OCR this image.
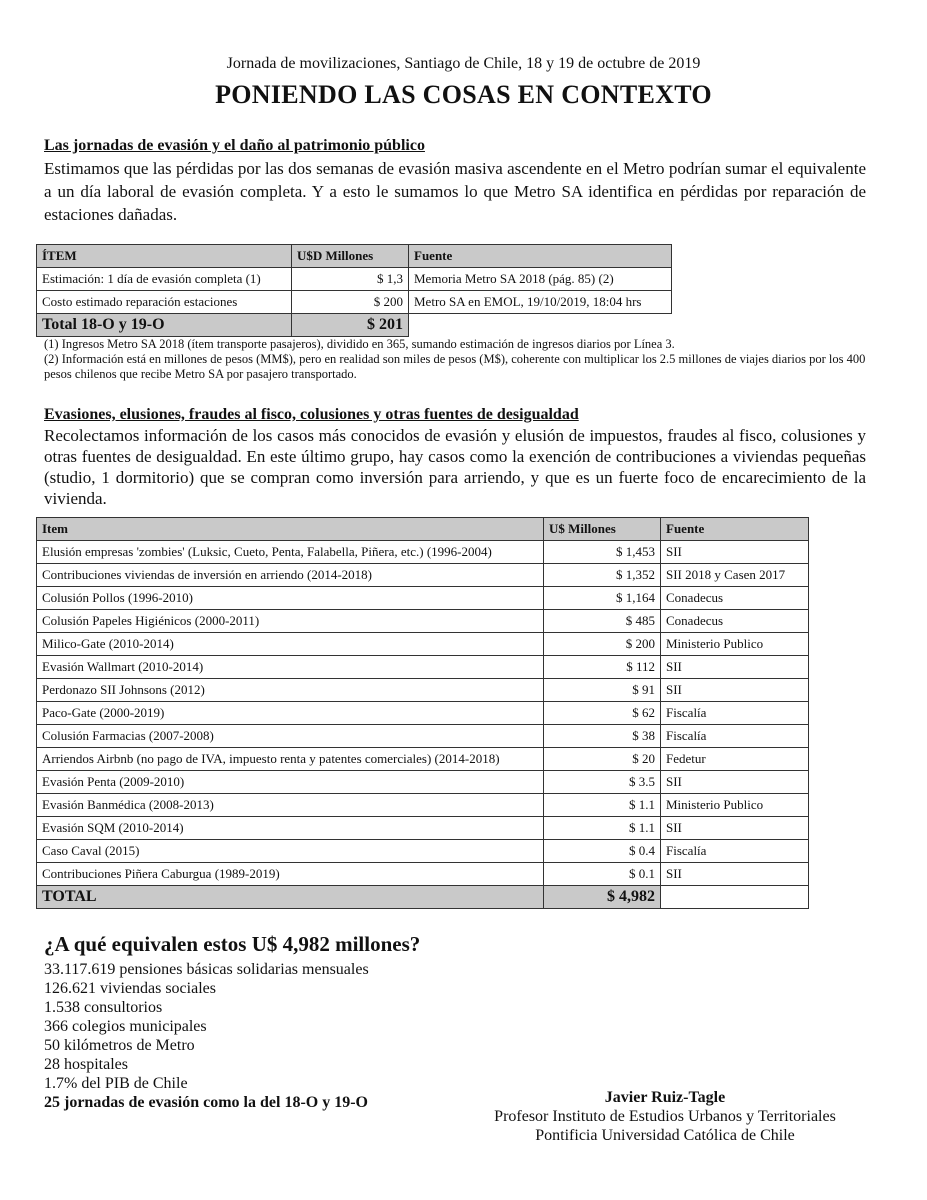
Jornada de movilizaciones, Santiago de Chile, 18 y 19 de octubre de 2019
PONIENDO LAS COSAS EN CONTEXTO
Las jornadas de evasión y el daño al patrimonio público
Estimamos que las pérdidas por las dos semanas de evasión masiva ascendente en el Metro podrían sumar el equivalente a un día laboral de evasión completa. Y a esto le sumamos lo que Metro SA identifica en pérdidas por reparación de estaciones dañadas.
ÍTEM	U$D Millones	Fuente
Estimación: 1 día de evasión completa (1)	$ 1,3	Memoria Metro SA 2018 (pág. 85) (2)
Costo estimado reparación estaciones	$ 200	Metro SA en EMOL, 19/10/2019, 18:04 hrs
Total 18-O y 19-O	$ 201	
(1) Ingresos Metro SA 2018 (ítem transporte pasajeros), dividido en 365, sumando estimación de ingresos diarios por Línea 3.
(2) Información está en millones de pesos (MM$), pero en realidad son miles de pesos (M$), coherente con multiplicar los 2.5 millones de viajes diarios por los 400 pesos chilenos que recibe Metro SA por pasajero transportado.
Evasiones, elusiones, fraudes al fisco, colusiones y otras fuentes de desigualdad
Recolectamos información de los casos más conocidos de evasión y elusión de impuestos, fraudes al fisco, colusiones y otras fuentes de desigualdad. En este último grupo, hay casos como la exención de contribuciones a viviendas pequeñas (studio, 1 dormitorio) que se compran como inversión para arriendo, y que es un fuerte foco de encarecimiento de la vivienda.
Item	U$ Millones	Fuente
Elusión empresas 'zombies' (Luksic, Cueto, Penta, Falabella, Piñera, etc.) (1996-2004)	$ 1,453	SII
Contribuciones viviendas de inversión en arriendo (2014-2018)	$ 1,352	SII 2018 y Casen 2017
Colusión Pollos (1996-2010)	$ 1,164	Conadecus
Colusión Papeles Higiénicos (2000-2011)	$ 485	Conadecus
Milico-Gate (2010-2014)	$ 200	Ministerio Publico
Evasión Wallmart (2010-2014)	$ 112	SII
Perdonazo SII Johnsons (2012)	$ 91	SII
Paco-Gate (2000-2019)	$ 62	Fiscalía
Colusión Farmacias (2007-2008)	$ 38	Fiscalía
Arriendos Airbnb (no pago de IVA, impuesto renta y patentes comerciales) (2014-2018)	$ 20	Fedetur
Evasión Penta (2009-2010)	$ 3.5	SII
Evasión Banmédica (2008-2013)	$ 1.1	Ministerio Publico
Evasión SQM (2010-2014)	$ 1.1	SII
Caso Caval (2015)	$ 0.4	Fiscalía
Contribuciones Piñera Caburgua (1989-2019)	$ 0.1	SII
TOTAL	$ 4,982	
¿A qué equivalen estos U$ 4,982 millones?
33.117.619 pensiones básicas solidarias mensuales
126.621 viviendas sociales
1.538 consultorios
366 colegios municipales
50 kilómetros de Metro
28 hospitales
1.7% del PIB de Chile
25 jornadas de evasión como la del 18-O y 19-O	Javier Ruiz-Tagle
Profesor Instituto de Estudios Urbanos y Territoriales
Pontificia Universidad Católica de Chile
